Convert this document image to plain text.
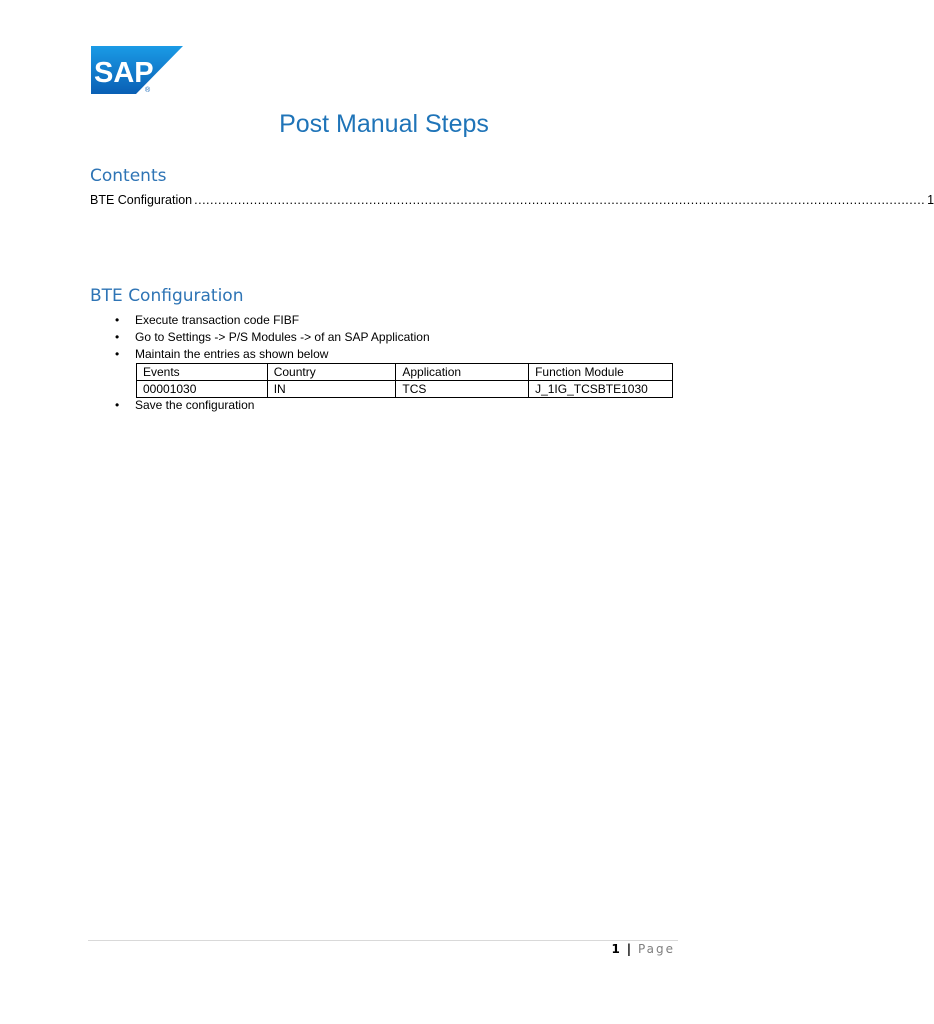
SAP
®
Post Manual Steps
Contents
BTE Configuration ........................................................................................................................................................................................ 1
BTE Configuration
• Execute transaction code FIBF
• Go to Settings -> P/S Modules -> of an SAP Application
• Maintain the entries as shown below
Events	Country	Application	Function Module
00001030	IN	TCS	J_1IG_TCSBTE1030
• Save the configuration
1 | Page
